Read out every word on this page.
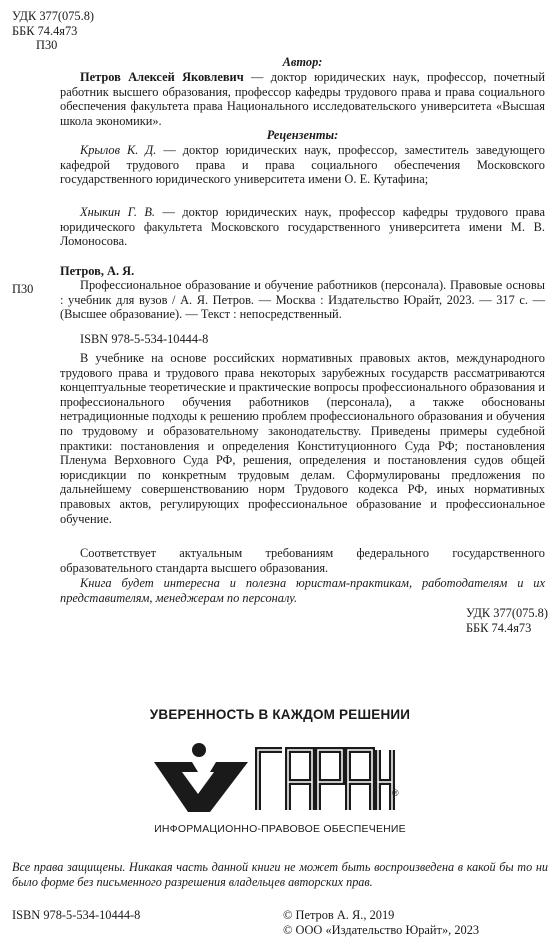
УДК 377(075.8)
ББК 74.4я73
П30
Автор:

Петров Алексей Яковлевич — доктор юридических наук, профессор, почетный работник высшего образования, профессор кафедры трудового права и права социального обеспечения факультета права Национального исследовательского университета «Высшая школа экономики».

Рецензенты:

Крылов К. Д. — доктор юридических наук, профессор, заместитель заведующего кафедрой трудового права и права социального обеспечения Московского государственного юридического университета имени О. Е. Кутафина;

Хныкин Г. В. — доктор юридических наук, профессор кафедры трудового права юридического факультета Московского государственного университета имени М. В. Ломоносова.

Петров, А. Я.
П30	Профессиональное образование и обучение работников (персонала). Правовые основы : учебник для вузов / А. Я. Петров. — Москва : Издательство Юрайт, 2023. — 317 с. — (Высшее образование). — Текст : непосредственный.

ISBN 978-5-534-10444-8

В учебнике на основе российских нормативных правовых актов, международного трудового права и трудового права некоторых зарубежных государств рассматриваются концептуальные теоретические и практические вопросы профессионального образования и профессионального обучения работников (персонала), а также обоснованы нетрадиционные подходы к решению проблем профессионального образования и обучения по трудовому и образовательному законодательству. Приведены примеры судебной практики: постановления и определения Конституционного Суда РФ; постановления Пленума Верховного Суда РФ, решения, определения и постановления судов общей юрисдикции по конкретным трудовым делам. Сформулированы предложения по дальнейшему совершенствованию норм Трудового кодекса РФ, иных нормативных правовых актов, регулирующих профессиональное образование и профессиональное обучение.

Соответствует актуальным требованиям федерального государственного образовательного стандарта высшего образования.

Книга будет интересна и полезна юристам-практикам, работодателям и их представителям, менеджерам по персоналу.

УДК 377(075.8)
ББК 74.4я73
УВЕРЕННОСТЬ В КАЖДОМ РЕШЕНИИ
®
ИНФОРМАЦИОННО-ПРАВОВОЕ ОБЕСПЕЧЕНИЕ

Все права защищены. Никакая часть данной книги не может быть воспроизведена в какой бы то ни было форме без письменного разрешения владельцев авторских прав.

ISBN 978-5-534-10444-8	© Петров А. Я., 2019
© ООО «Издательство Юрайт», 2023
